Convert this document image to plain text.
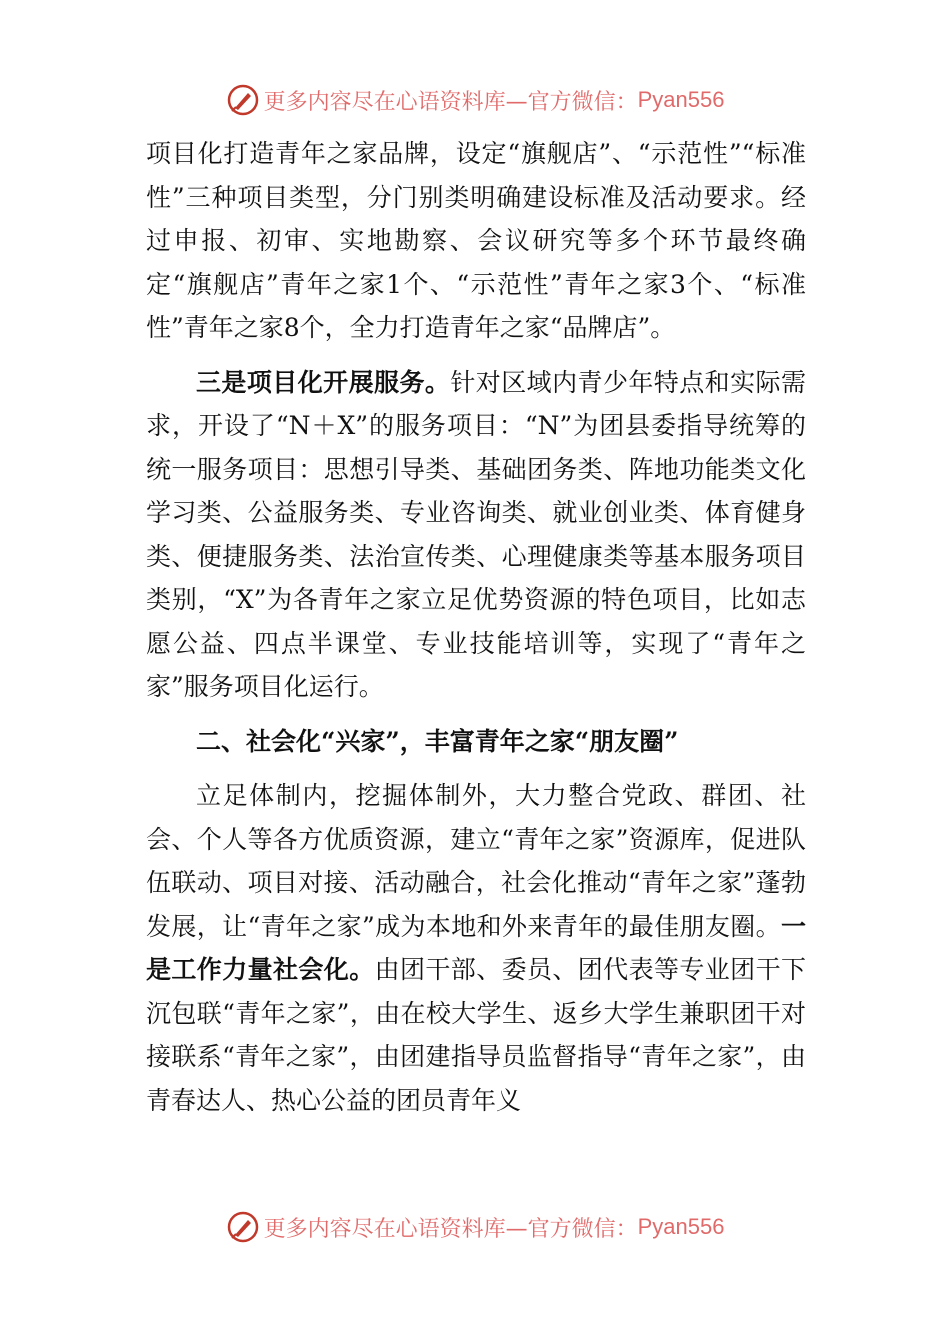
更多内容尽在心语资料库—官方微信： Pyan556

项目化打造青年之家品牌，设定“旗舰店”、“示范性”“标准性”三种项目类型，分门别类明确建设标准及活动要求。经过申报、初审、实地勘察、会议研究等多个环节最终确定“旗舰店”青年之家1个、“示范性”青年之家3个、“标准性”青年之家8个，全力打造青年之家“品牌店”。

三是项目化开展服务。针对区域内青少年特点和实际需求，开设了“N＋X”的服务项目：“N”为团县委指导统筹的统一服务项目：思想引导类、基础团务类、阵地功能类文化学习类、公益服务类、专业咨询类、就业创业类、体育健身类、便捷服务类、法治宣传类、心理健康类等基本服务项目类别，“X”为各青年之家立足优势资源的特色项目，比如志愿公益、四点半课堂、专业技能培训等，实现了“青年之家”服务项目化运行。

二、社会化“兴家”，丰富青年之家“朋友圈”

立足体制内，挖掘体制外，大力整合党政、群团、社会、个人等各方优质资源，建立“青年之家”资源库，促进队伍联动、项目对接、活动融合，社会化推动“青年之家”蓬勃发展，让“青年之家”成为本地和外来青年的最佳朋友圈。一是工作力量社会化。由团干部、委员、团代表等专业团干下沉包联“青年之家”，由在校大学生、返乡大学生兼职团干对接联系“青年之家”，由团建指导员监督指导“青年之家”，由青春达人、热心公益的团员青年义

更多内容尽在心语资料库—官方微信： Pyan556
